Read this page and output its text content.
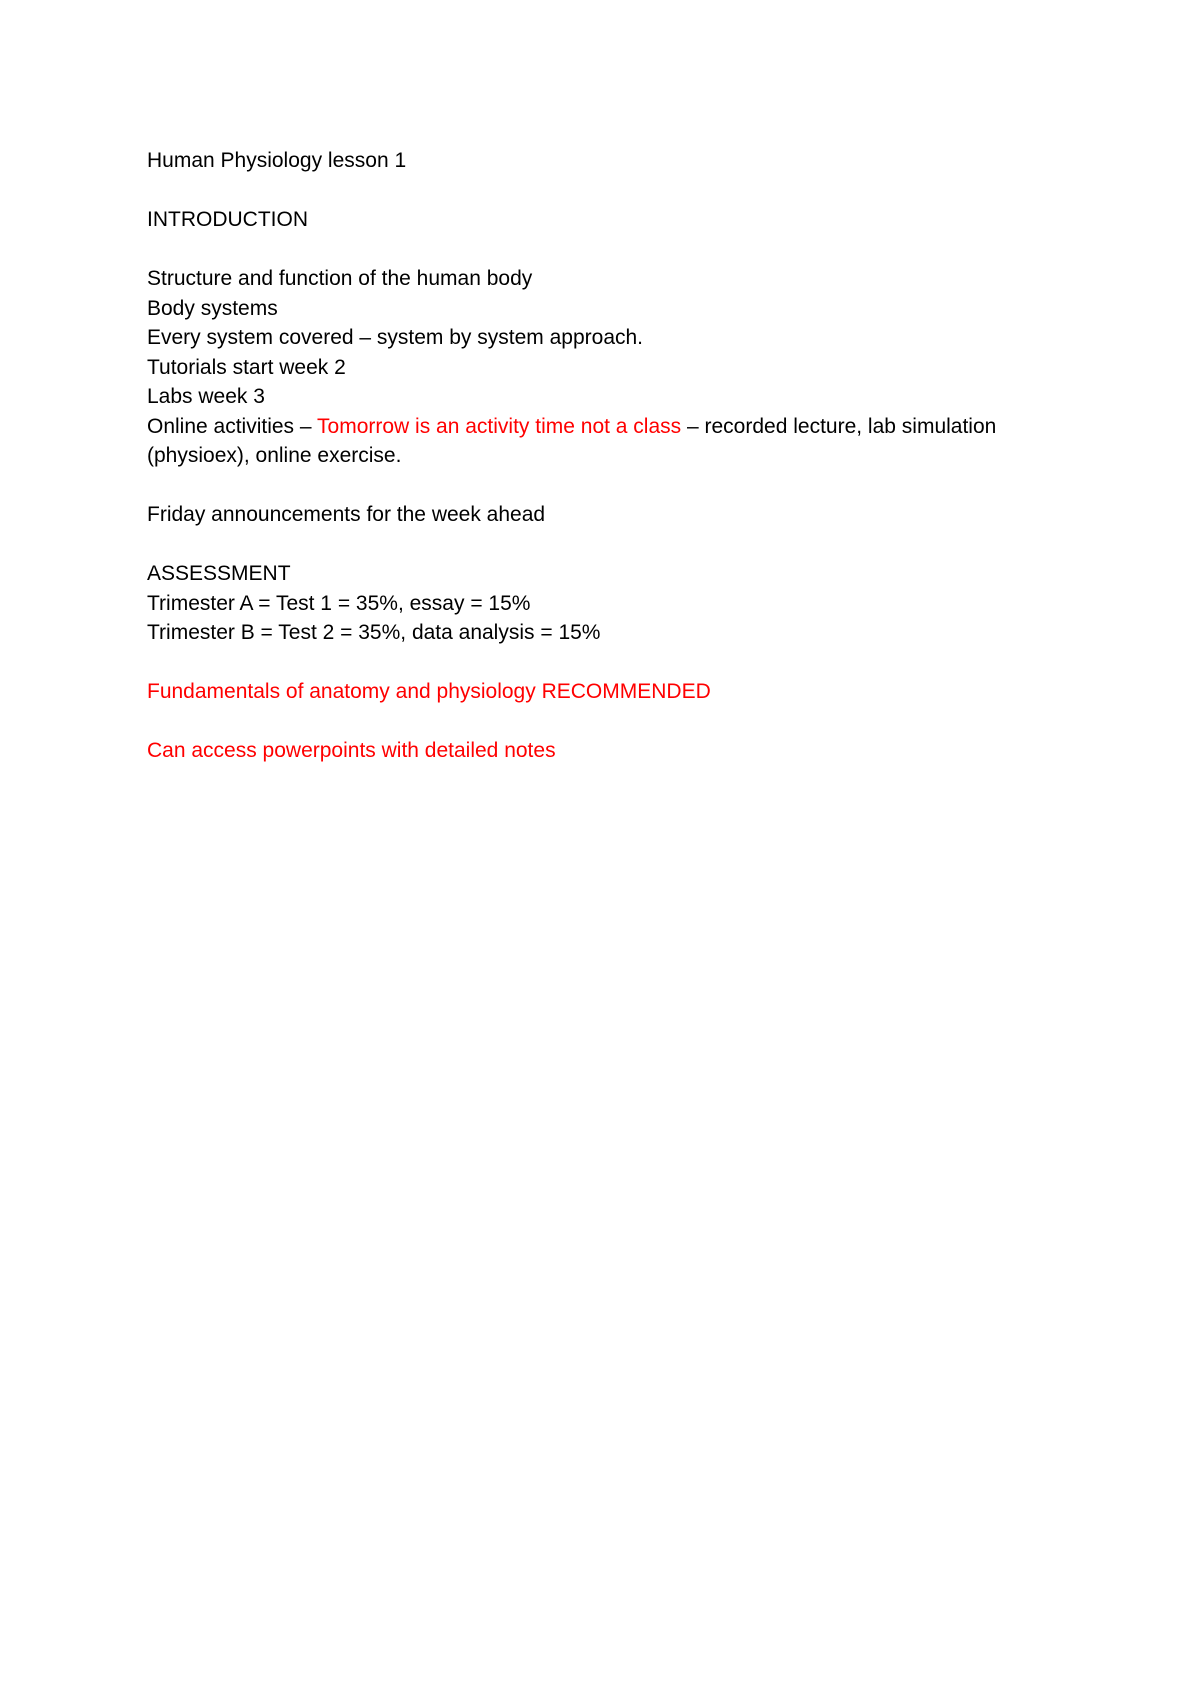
Human Physiology lesson 1
INTRODUCTION
Structure and function of the human body
Body systems
Every system covered – system by system approach.
Tutorials start week 2
Labs week 3
Online activities – Tomorrow is an activity time not a class – recorded lecture, lab simulation (physioex), online exercise.
Friday announcements for the week ahead
ASSESSMENT
Trimester A = Test 1 = 35%, essay = 15%
Trimester B = Test 2 = 35%, data analysis = 15%
Fundamentals of anatomy and physiology RECOMMENDED
Can access powerpoints with detailed notes
